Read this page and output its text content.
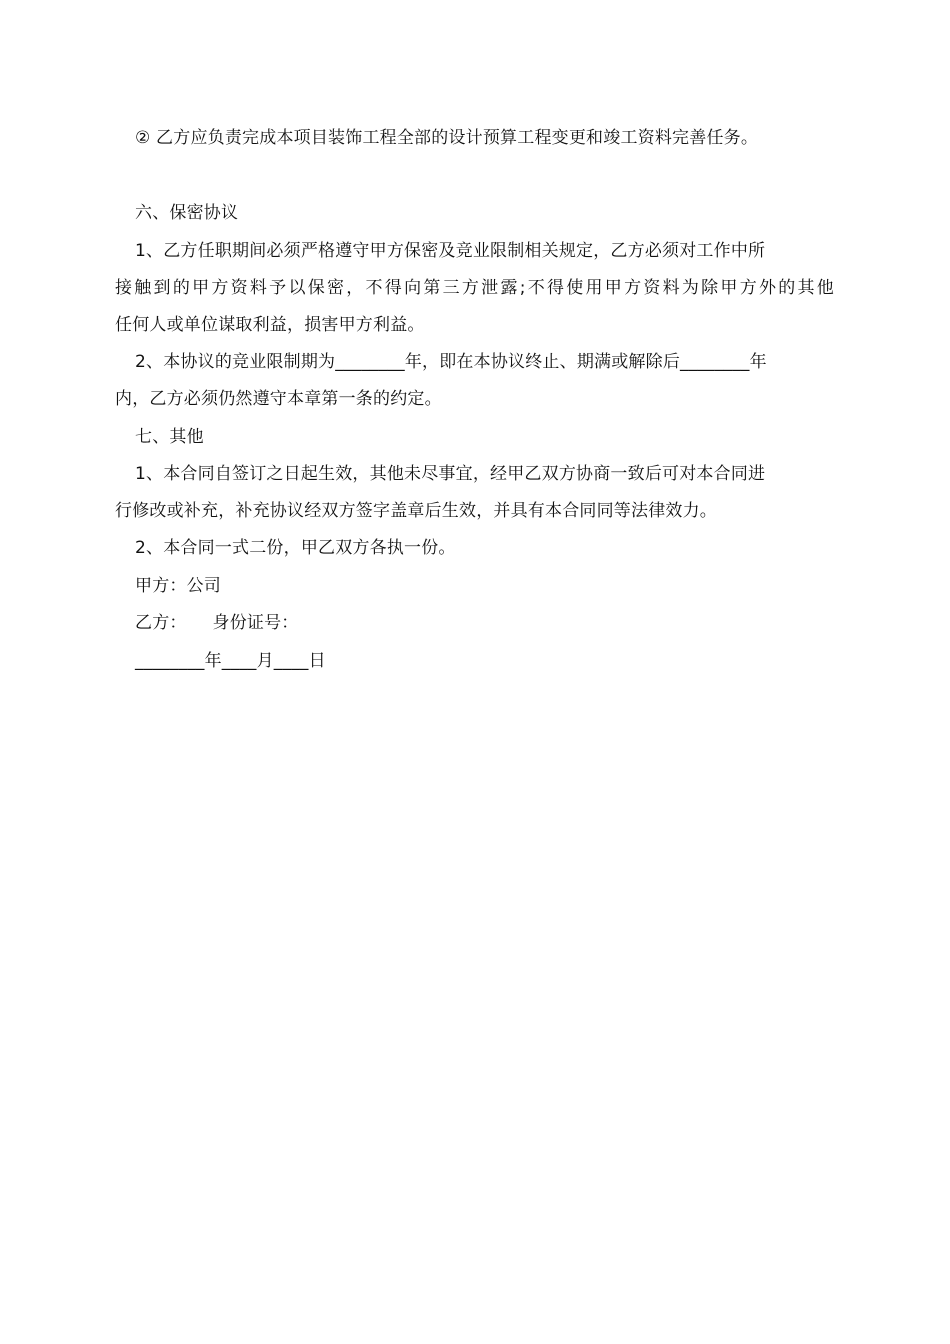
② 乙方应负责完成本项目装饰工程全部的设计预算工程变更和竣工资料完善任务。
六、保密协议
1、乙方任职期间必须严格遵守甲方保密及竞业限制相关规定，乙方必须对工作中所
接触到的甲方资料予以保密，不得向第三方泄露;不得使用甲方资料为除甲方外的其他
任何人或单位谋取利益，损害甲方利益。
2、本协议的竞业限制期为________年，即在本协议终止、期满或解除后________年
内，乙方必须仍然遵守本章第一条的约定。
七、其他
1、本合同自签订之日起生效，其他未尽事宜，经甲乙双方协商一致后可对本合同进
行修改或补充，补充协议经双方签字盖章后生效，并具有本合同同等法律效力。
2、本合同一式二份，甲乙双方各执一份。
甲方：公司
乙方：　　身份证号：
________年____月____日
